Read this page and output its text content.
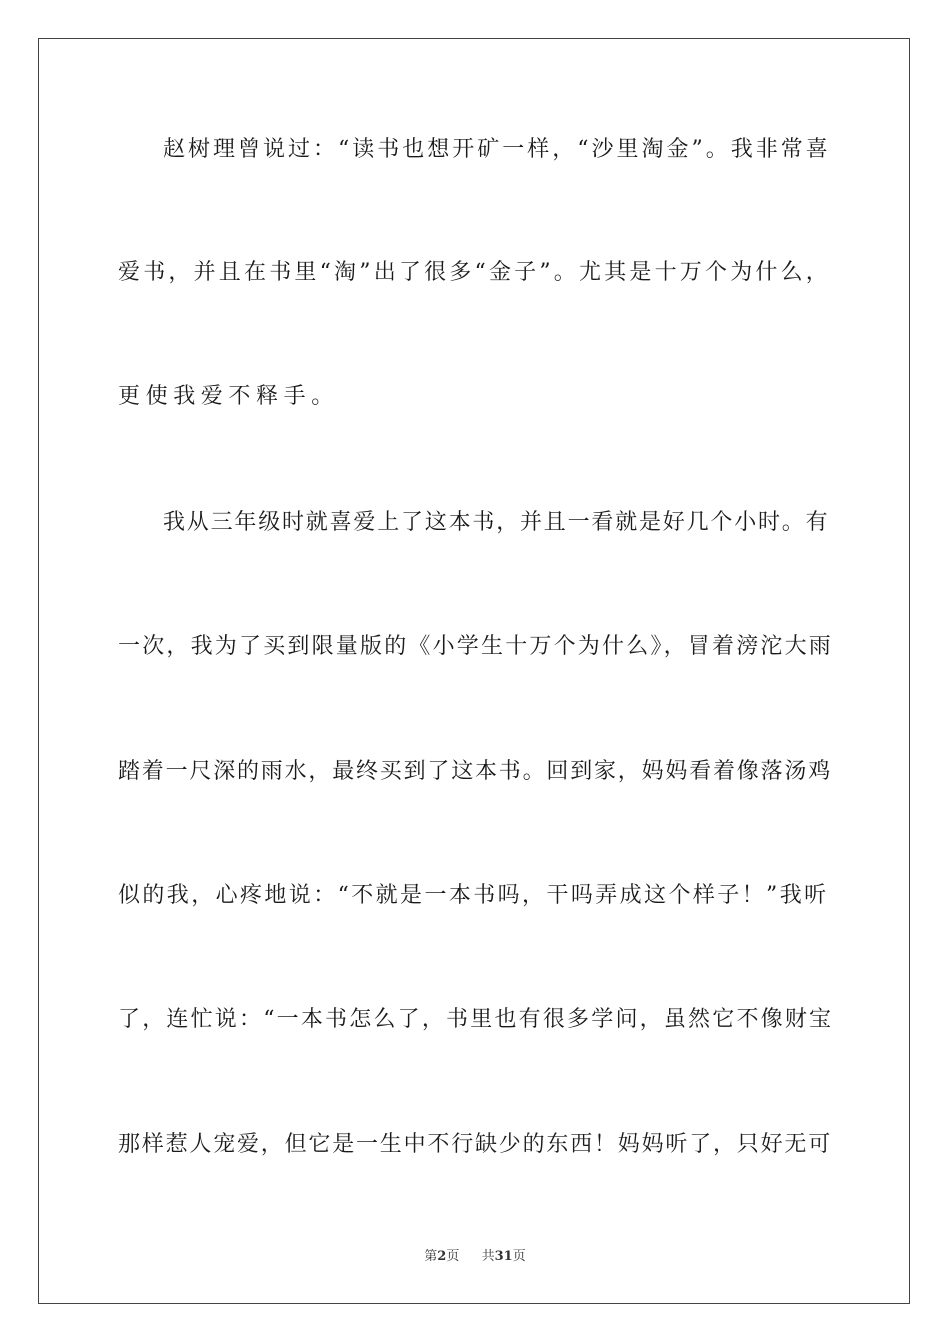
赵树理曾说过：“读书也想开矿一样，“沙里淘金”。我非常喜
爱书，并且在书里“淘”出了很多“金子”。尤其是十万个为什么，
更使我爱不释手。
我从三年级时就喜爱上了这本书，并且一看就是好几个小时。有
一次，我为了买到限量版的《小学生十万个为什么》，冒着滂沱大雨
踏着一尺深的雨水，最终买到了这本书。回到家，妈妈看着像落汤鸡
似的我，心疼地说：“不就是一本书吗，干吗弄成这个样子！”我听
了，连忙说：“一本书怎么了，书里也有很多学问，虽然它不像财宝
那样惹人宠爱，但它是一生中不行缺少的东西！妈妈听了，只好无可
第2页 共31页
